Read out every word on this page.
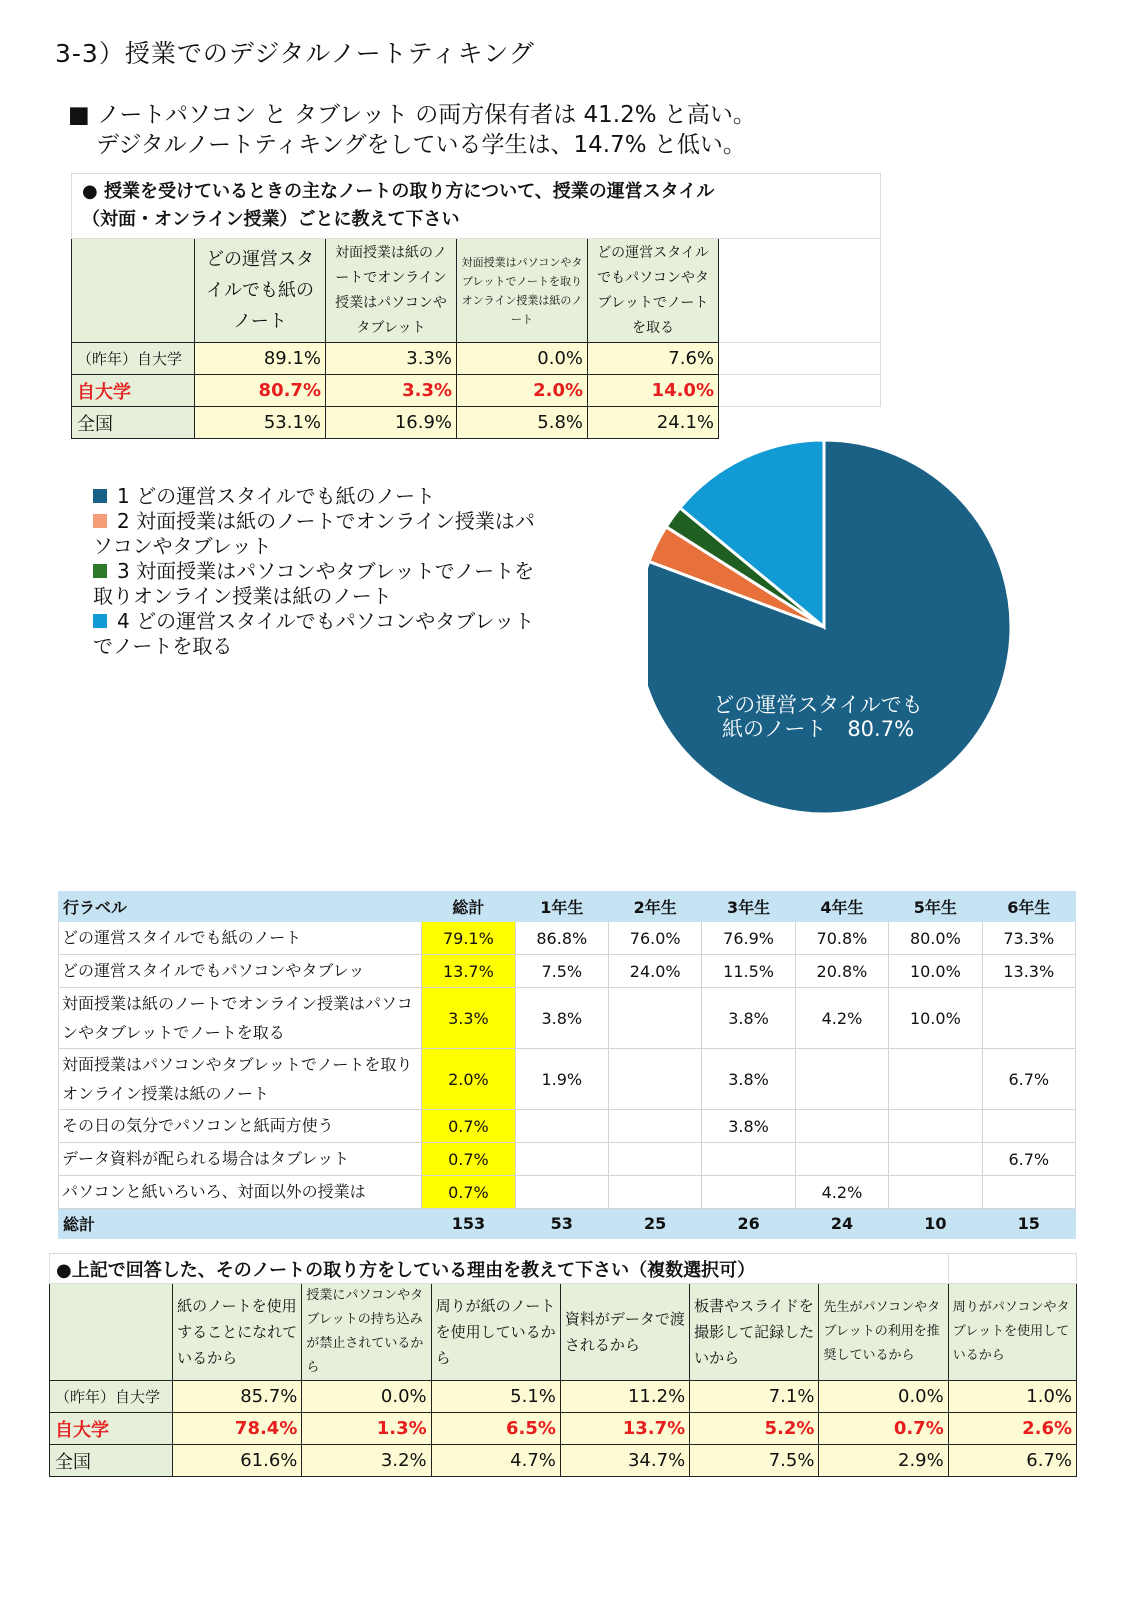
3-3）授業でのデジタルノートティキング
■ ノートパソコン と タブレット の両方保有者は 41.2% と高い。
デジタルノートティキングをしている学生は、14.7% と低い。
● 授業を受けているときの主なノートの取り方について、授業の運営スタイル
（対面・オンライン授業）ごとに教えて下さい					

	どの運営スタイルでも紙のノート	対面授業は紙のノートでオンライン授業はパソコンやタブレット	対面授業はパソコンやタブレットでノートを取りオンライン授業は紙のノート	どの運営スタイルでもパソコンやタブレットでノートを取る	
（昨年）自大学	89.1%	3.3%	0.0%	7.6%	
自大学	80.7%	3.3%	2.0%	14.0%	
全国	53.1%	16.9%	5.8%	24.1%	
1 どの運営スタイルでも紙のノート
2 対面授業は紙のノートでオンライン授業はパソコンやタブレット
3 対面授業はパソコンやタブレットでノートを取りオンライン授業は紙のノート
4 どの運営スタイルでもパソコンやタブレットでノートを取る
どの運営スタイルでも
紙のノート　80.7%
行ラベル	総計	1年生	2年生	3年生	4年生	5年生	6年生
どの運営スタイルでも紙のノート	79.1%	86.8%	76.0%	76.9%	70.8%	80.0%	73.3%
どの運営スタイルでもパソコンやタブレッ	13.7%	7.5%	24.0%	11.5%	20.8%	10.0%	13.3%
対面授業は紙のノートでオンライン授業はパソコンやタブレットでノートを取る	3.3%	3.8%		3.8%	4.2%	10.0%	
対面授業はパソコンやタブレットでノートを取りオンライン授業は紙のノート	2.0%	1.9%		3.8%			6.7%
その日の気分でパソコンと紙両方使う	0.7%			3.8%			
データ資料が配られる場合はタブレット	0.7%						6.7%
パソコンと紙いろいろ、対面以外の授業は	0.7%				4.2%		
総計	153	53	25	26	24	10	15
●上記で回答した、そのノートの取り方をしている理由を教えて下さい（複数選択可）							
	紙のノートを使用することになれているから	授業にパソコンやタブレットの持ち込みが禁止されているから	周りが紙のノートを使用しているから	資料がデータで渡されるから	板書やスライドを撮影して記録したいから	先生がパソコンやタブレットの利用を推奨しているから	周りがパソコンやタブレットを使用しているから
（昨年）自大学	85.7%	0.0%	5.1%	11.2%	7.1%	0.0%	1.0%
自大学	78.4%	1.3%	6.5%	13.7%	5.2%	0.7%	2.6%
全国	61.6%	3.2%	4.7%	34.7%	7.5%	2.9%	6.7%
